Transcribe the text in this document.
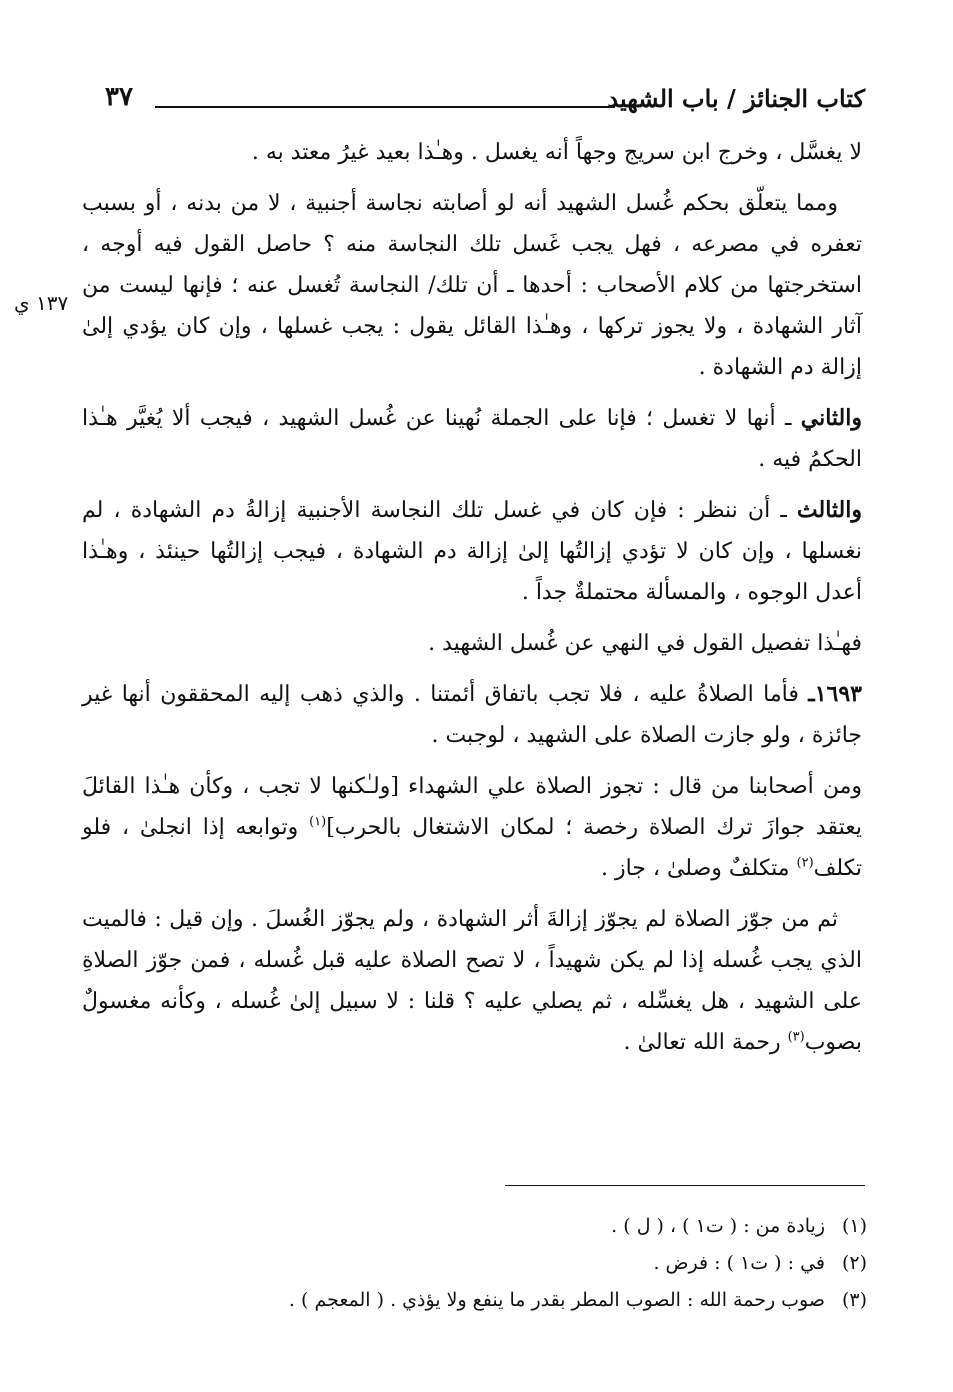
كتاب الجنائز / باب الشهيد
٣٧
١٣٧ ي

لا يغسَّل ، وخرج ابن سريج وجهاً أنه يغسل . وهـٰذا بعيد غيرُ معتد به .

ومما يتعلّق بحكم غُسل الشهيد أنه لو أصابته نجاسة أجنبية ، لا من بدنه ، أو بسبب تعفره في مصرعه ، فهل يجب غَسل تلك النجاسة منه ؟ حاصل القول فيه أوجه ، استخرجتها من كلام الأصحاب : أحدها ـ أن تلك/ النجاسة تُغسل عنه ؛ فإنها ليست من آثار الشهادة ، ولا يجوز تركها ، وهـٰذا القائل يقول : يجب غسلها ، وإن كان يؤدي إلىٰ إزالة دم الشهادة .

والثاني ـ أنها لا تغسل ؛ فإنا على الجملة نُهينا عن غُسل الشهيد ، فيجب ألا يُغيَّر هـٰذا الحكمُ فيه .

والثالث ـ أن ننظر : فإن كان في غسل تلك النجاسة الأجنبية إزالةُ دم الشهادة ، لم نغسلها ، وإن كان لا تؤدي إزالتُها إلىٰ إزالة دم الشهادة ، فيجب إزالتُها حينئذ ، وهـٰذا أعدل الوجوه ، والمسألة محتملةٌ جداً .

فهـٰذا تفصيل القول في النهي عن غُسل الشهيد .

١٦٩٣ـ فأما الصلاةُ عليه ، فلا تجب باتفاق أئمتنا . والذي ذهب إليه المحققون أنها غير جائزة ، ولو جازت الصلاة على الشهيد ، لوجبت .

ومن أصحابنا من قال : تجوز الصلاة علي الشهداء [ولـٰكنها لا تجب ، وكأن هـٰذا القائلَ يعتقد جوازَ ترك الصلاة رخصة ؛ لمكان الاشتغال بالحرب]$^{(١)}$ وتوابعه إذا انجلىٰ ، فلو تكلف$^{(٢)}$ متكلفٌ وصلىٰ ، جاز .

ثم من جوّز الصلاة لم يجوّز إزالةَ أثر الشهادة ، ولم يجوّز الغُسلَ . وإن قيل : فالميت الذي يجب غُسله إذا لم يكن شهيداً ، لا تصح الصلاة عليه قبل غُسله ، فمن جوّز الصلاةِ على الشهيد ، هل يغسِّله ، ثم يصلي عليه ؟ قلنا : لا سبيل إلىٰ غُسله ، وكأنه مغسولٌ بصوب$^{(٣)}$ رحمة الله تعالىٰ .

(١)زيادة من : ( ت١ ) ، ( ل ) .
(٢)في : ( ت١ ) : فرض .
(٣)صوب رحمة الله : الصوب المطر بقدر ما ينفع ولا يؤذي . ( المعجم ) .
